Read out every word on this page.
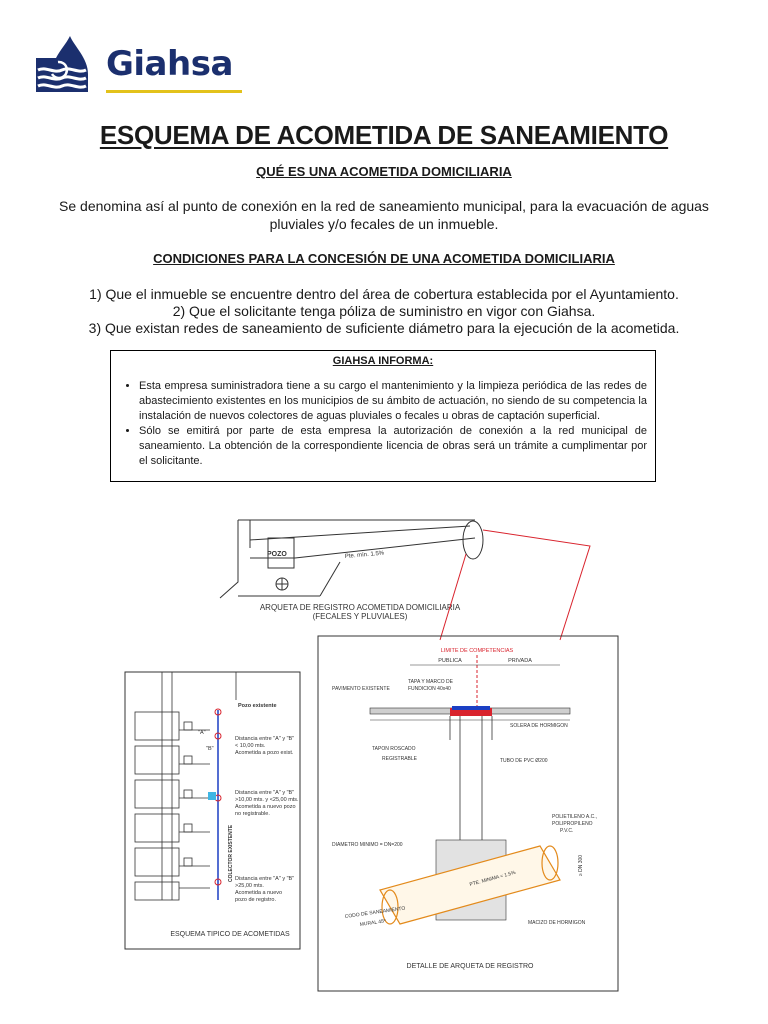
Giahsa
ESQUEMA DE ACOMETIDA DE SANEAMIENTO
QUÉ ES UNA ACOMETIDA DOMICILIARIA

Se denomina así al punto de conexión en la red de saneamiento municipal, para la evacuación de aguas pluviales y/o fecales de un inmueble.

CONDICIONES PARA LA CONCESIÓN DE UNA ACOMETIDA DOMICILIARIA
1) Que el inmueble se encuentre dentro del área de cobertura establecida por el Ayuntamiento.
2) Que el solicitante tenga póliza de suministro en vigor con Giahsa.
3) Que existan redes de saneamiento de suficiente diámetro para la ejecución de la acometida.
GIAHSA INFORMA:
• Esta empresa suministradora tiene a su cargo el mantenimiento y la limpieza periódica de las redes de abastecimiento existentes en los municipios de su ámbito de actuación, no siendo de su competencia la instalación de nuevos colectores de aguas pluviales o fecales u obras de captación superficial.
• Sólo se emitirá por parte de esta empresa la autorización de conexión a la red municipal de saneamiento. La obtención de la correspondiente licencia de obras será un trámite a cumplimentar por el solicitante.
POZO	Pte. mín. 1.5%
ARQUETA DE REGISTRO ACOMETIDA DOMICILIARIA
(FECALES Y PLUVIALES)
Pozo existente
"A"
"B"
Distancia entre "A" y "B"
< 10,00 mts.
Acometida a pozo exist.
Distancia entre "A" y "B"
>10,00 mts. y <25,00 mts.
Acometida a nuevo pozo
no registrable.
Distancia entre "A" y "B"
>25,00 mts.
Acometida a nuevo
pozo de registro.
COLECTOR EXISTENTE
ESQUEMA TIPICO DE ACOMETIDAS
LIMITE DE COMPETENCIAS
PUBLICA	PRIVADA
PAVIMENTO EXISTENTE
TAPA Y MARCO DE
FUNDICION 40x40
SOLERA DE HORMIGON
TAPON ROSCADO
REGISTRABLE	TUBO DE PVC Ø200
DIAMETRO MINIMO = DN=200
PTE. MINIMA = 1.5%
≥ DN 300
POLIETILENO A.C.,
POLIPROPILENO
P.V.C.
CODO DE SANEAMIENTO
MURAL 45º	MACIZO DE HORMIGON
DETALLE DE ARQUETA DE REGISTRO
